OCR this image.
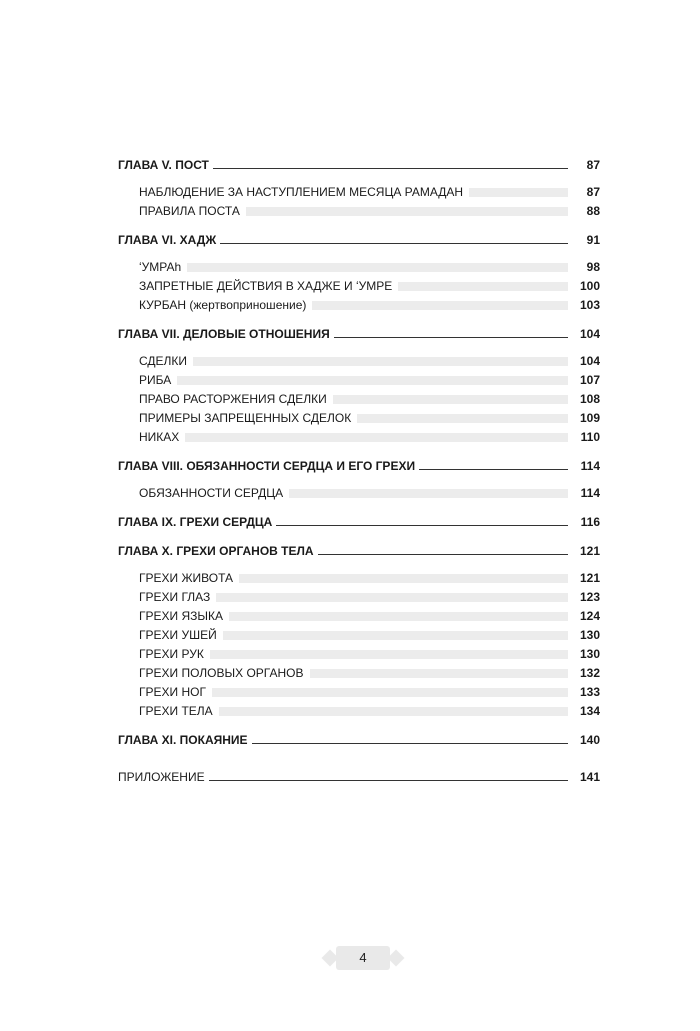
ГЛАВА V. ПОСТ	87
НАБЛЮДЕНИЕ ЗА НАСТУПЛЕНИЕМ МЕСЯЦА РАМАДАН	87
ПРАВИЛА ПОСТА	88
ГЛАВА VI. ХАДЖ	91
ʻУМРАh	98
ЗАПРЕТНЫЕ ДЕЙСТВИЯ В ХАДЖЕ И ʻУМРЕ	100
КУРБАН (жертвоприношение)	103
ГЛАВА VII. ДЕЛОВЫЕ ОТНОШЕНИЯ	104
СДЕЛКИ	104
РИБА	107
ПРАВО РАСТОРЖЕНИЯ СДЕЛКИ	108
ПРИМЕРЫ ЗАПРЕЩЕННЫХ СДЕЛОК	109
НИКАХ	110
ГЛАВА VIII. ОБЯЗАННОСТИ СЕРДЦА И ЕГО ГРЕХИ	114
ОБЯЗАННОСТИ СЕРДЦА	114
ГЛАВА IX. ГРЕХИ СЕРДЦА	116
ГЛАВА X. ГРЕХИ ОРГАНОВ ТЕЛА	121
ГРЕХИ ЖИВОТА	121
ГРЕХИ ГЛАЗ	123
ГРЕХИ ЯЗЫКА	124
ГРЕХИ УШЕЙ	130
ГРЕХИ РУК	130
ГРЕХИ ПОЛОВЫХ ОРГАНОВ	132
ГРЕХИ НОГ	133
ГРЕХИ ТЕЛА	134
ГЛАВА XI. ПОКАЯНИЕ	140
ПРИЛОЖЕНИЕ	141
4
